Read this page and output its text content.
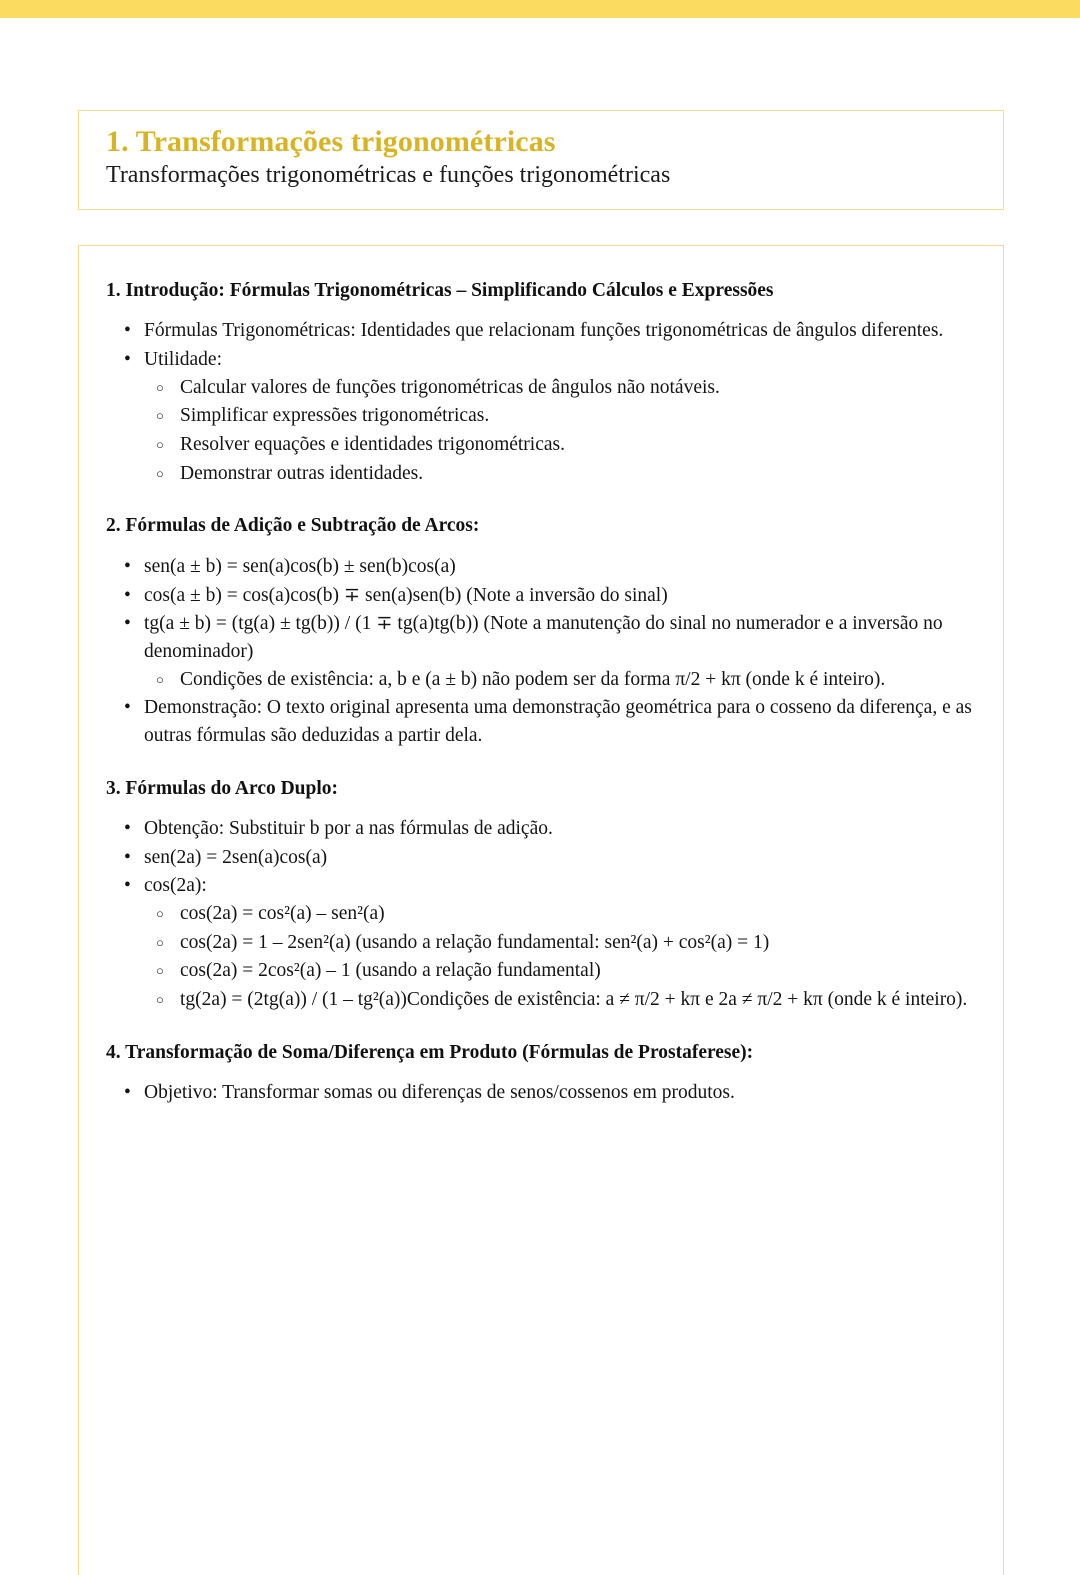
1. Transformações trigonométricas
Transformações trigonométricas e funções trigonométricas
1. Introdução: Fórmulas Trigonométricas – Simplificando Cálculos e Expressões
• Fórmulas Trigonométricas: Identidades que relacionam funções trigonométricas de ângulos diferentes.
• Utilidade:
○ Calcular valores de funções trigonométricas de ângulos não notáveis.
○ Simplificar expressões trigonométricas.
○ Resolver equações e identidades trigonométricas.
○ Demonstrar outras identidades.
2. Fórmulas de Adição e Subtração de Arcos:
• sen(a ± b) = sen(a)cos(b) ± sen(b)cos(a)
• cos(a ± b) = cos(a)cos(b) ∓ sen(a)sen(b) (Note a inversão do sinal)
• tg(a ± b) = (tg(a) ± tg(b)) / (1 ∓ tg(a)tg(b)) (Note a manutenção do sinal no numerador e a inversão no denominador)
○ Condições de existência: a, b e (a ± b) não podem ser da forma π/2 + kπ (onde k é inteiro).
• Demonstração: O texto original apresenta uma demonstração geométrica para o cosseno da diferença, e as outras fórmulas são deduzidas a partir dela.
3. Fórmulas do Arco Duplo:
• Obtenção: Substituir b por a nas fórmulas de adição.
• sen(2a) = 2sen(a)cos(a)
• cos(2a):
○ cos(2a) = cos²(a) – sen²(a)
○ cos(2a) = 1 – 2sen²(a) (usando a relação fundamental: sen²(a) + cos²(a) = 1)
○ cos(2a) = 2cos²(a) – 1 (usando a relação fundamental)
○ tg(2a) = (2tg(a)) / (1 – tg²(a))Condições de existência: a ≠ π/2 + kπ e 2a ≠ π/2 + kπ (onde k é inteiro).
4. Transformação de Soma/Diferença em Produto (Fórmulas de Prostaferese):
• Objetivo: Transformar somas ou diferenças de senos/cossenos em produtos.
